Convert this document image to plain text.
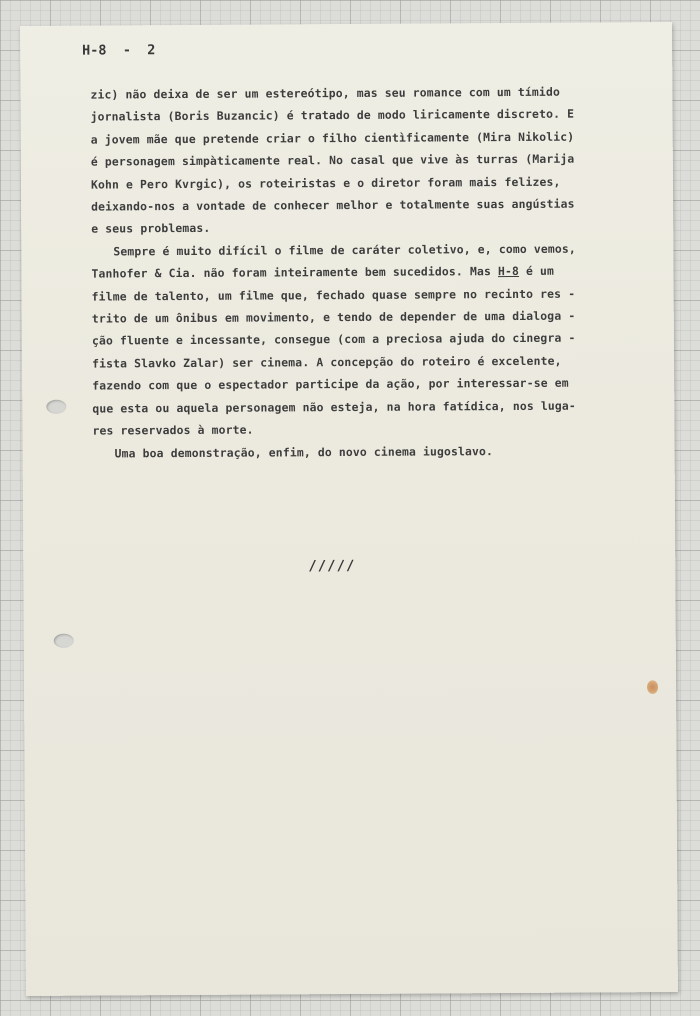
H-8  -  2
zic) não deixa de ser um estereótipo, mas seu romance com um tímido
jornalista (Boris Buzancic) é tratado de modo liricamente discreto. E
a jovem mãe que pretende criar o filho cientìficamente (Mira Nikolic)
é personagem simpàticamente real. No casal que vive às turras (Marija
Kohn e Pero Kvrgic), os roteiristas e o diretor foram mais felizes,
deixando-nos a vontade de conhecer melhor e totalmente suas angústias
e seus problemas.
Sempre é muito difícil o filme de caráter coletivo, e, como vemos,
Tanhofer & Cia. não foram inteiramente bem sucedidos. Mas H-8 é um
filme de talento, um filme que, fechado quase sempre no recinto res -
trito de um ônibus em movimento, e tendo de depender de uma dialoga -
ção fluente e incessante, consegue (com a preciosa ajuda do cinegra -
fista Slavko Zalar) ser cinema. A concepção do roteiro é excelente,
fazendo com que o espectador participe da ação, por interessar-se em
que esta ou aquela personagem não esteja, na hora fatídica, nos luga-
res reservados à morte.
Uma boa demonstração, enfim, do novo cinema iugoslavo.
/////
